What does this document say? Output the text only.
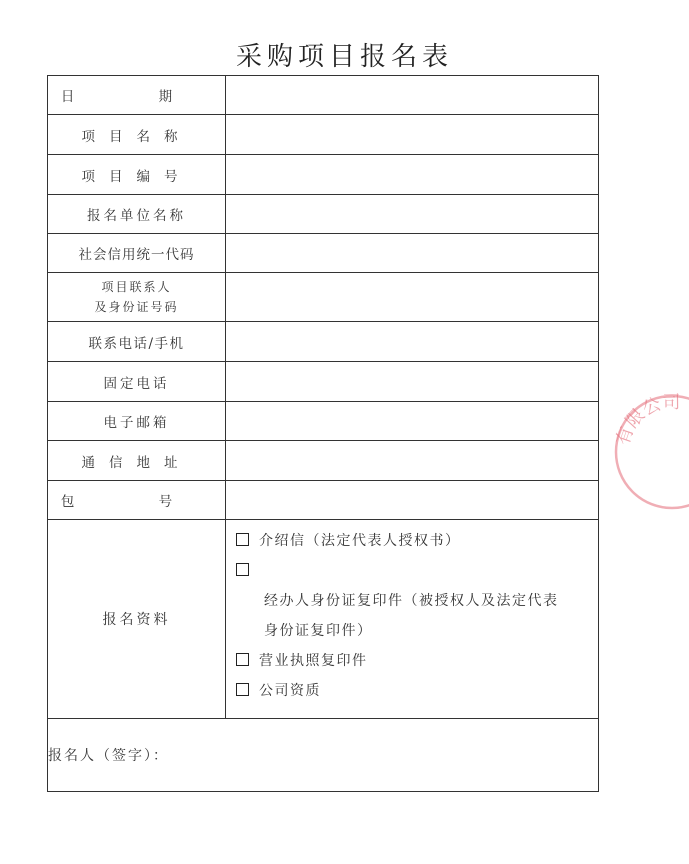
采购项目报名表
日 期	
项目名称	
项目编号	
报名单位名称	
社会信用统一代码	

项目联系人
及身份证号码	

联系电话/手机	
固定电话	
电子邮箱	
通信地址	
包 号	
报名资料	介绍信（法定代表人授权书）
经办人身份证复印件（被授权人及法定代表
身份证复印件）
营业执照复印件
公司资质

报名人（签字）：	
有限公司
